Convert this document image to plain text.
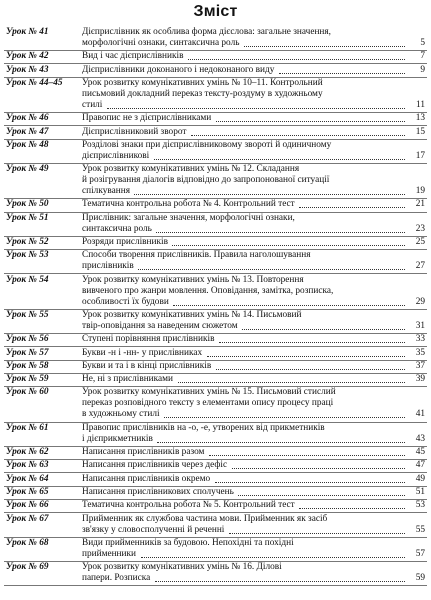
Зміст
Урок № 41	Дієприслівник як особлива форма дієслова: загальне значення,
морфологічні ознаки, синтаксична роль	5
Урок № 42	Вид і час дієприслівників	7
Урок № 43	Дієприслівники доконаного і недоконаного виду	9
Урок № 44–45	Урок розвитку комунікативних умінь № 10–11. Контрольний
письмовий докладний переказ тексту-роздуму в художньому
стилі	11
Урок № 46	Правопис не з дієприслівниками	13
Урок № 47	Дієприслівниковий зворот	15
Урок № 48	Розділові знаки при дієприслівниковому звороті й одиничному
дієприслівникові	17
Урок № 49	Урок розвитку комунікативних умінь № 12. Складання
й розігрування діалогів відповідно до запропонованої ситуації
спілкування	19
Урок № 50	Тематична контрольна робота № 4. Контрольний тест	21
Урок № 51	Прислівник: загальне значення, морфологічні ознаки,
синтаксична роль	23
Урок № 52	Розряди прислівників	25
Урок № 53	Способи творення прислівників. Правила наголошування
прислівників	27
Урок № 54	Урок розвитку комунікативних умінь № 13. Повторення
вивченого про жанри мовлення. Оповідання, замітка, розписка,
особливості їх будови	29
Урок № 55	Урок розвитку комунікативних умінь № 14. Письмовий
твір-оповідання за наведеним сюжетом	31
Урок № 56	Ступені порівняння прислівників	33
Урок № 57	Букви -н і -нн- у прислівниках	35
Урок № 58	Букви и та і в кінці прислівників	37
Урок № 59	Не, ні з прислівниками	39
Урок № 60	Урок розвитку комунікативних умінь № 15. Письмовий стислий
переказ розповідного тексту з елементами опису процесу праці
в художньому стилі	41
Урок № 61	Правопис прислівників на -о, -е, утворених від прикметників
і дієприкметників	43
Урок № 62	Написання прислівників разом	45
Урок № 63	Написання прислівників через дефіс	47
Урок № 64	Написання прислівників окремо	49
Урок № 65	Написання прислівникових сполучень	51
Урок № 66	Тематична контрольна робота № 5. Контрольний тест	53
Урок № 67	Прийменник як службова частина мови. Прийменник як засіб
зв'язку у словосполученні й реченні	55
Урок № 68	Види прийменників за будовою. Непохідні та похідні
прийменники	57
Урок № 69	Урок розвитку комунікативних умінь № 16. Ділові
папери. Розписка	59
